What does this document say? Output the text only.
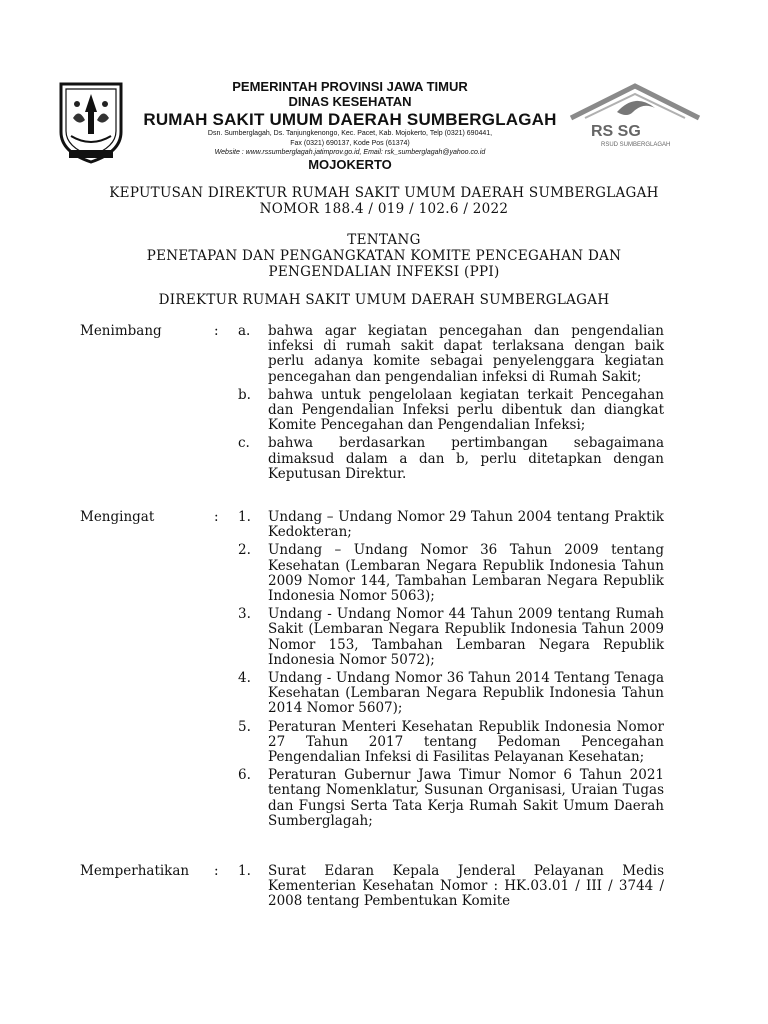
PEMERINTAH PROVINSI JAWA TIMUR
DINAS KESEHATAN
RUMAH SAKIT UMUM DAERAH SUMBERGLAGAH
Dsn. Sumberglagah, Ds. Tanjungkenongo, Kec. Pacet, Kab. Mojokerto, Telp (0321) 690441,
Fax (0321) 690137, Kode Pos (61374)
Website : www.rssumberglagah.jatimprov.go.id, Email: rsk_sumberglagah@yahoo.co.id
MOJOKERTO
RS SG
RSUD SUMBERGLAGAH
KEPUTUSAN DIREKTUR RUMAH SAKIT UMUM DAERAH SUMBERGLAGAH
NOMOR 188.4 / 019 / 102.6 / 2022
TENTANG
PENETAPAN DAN PENGANGKATAN KOMITE PENCEGAHAN DAN
PENGENDALIAN INFEKSI (PPI)
DIREKTUR RUMAH SAKIT UMUM DAERAH SUMBERGLAGAH
Menimbang	: a. bahwa agar kegiatan pencegahan dan pengendalian infeksi di rumah sakit dapat terlaksana dengan baik perlu adanya komite sebagai penyelenggara kegiatan pencegahan dan pengendalian infeksi di Rumah Sakit;
b. bahwa untuk pengelolaan kegiatan terkait Pencegahan dan Pengendalian Infeksi perlu dibentuk dan diangkat Komite Pencegahan dan Pengendalian Infeksi;
c. bahwa berdasarkan pertimbangan sebagaimana dimaksud dalam a dan b, perlu ditetapkan dengan Keputusan Direktur.
Mengingat	: 1. Undang – Undang Nomor 29 Tahun 2004 tentang Praktik Kedokteran;
2. Undang – Undang Nomor 36 Tahun 2009 tentang Kesehatan (Lembaran Negara Republik Indonesia Tahun 2009 Nomor 144, Tambahan Lembaran Negara Republik Indonesia Nomor 5063);
3. Undang - Undang Nomor 44 Tahun 2009 tentang Rumah Sakit (Lembaran Negara Republik Indonesia Tahun 2009 Nomor 153, Tambahan Lembaran Negara Republik Indonesia Nomor 5072);
4. Undang - Undang Nomor 36 Tahun 2014 Tentang Tenaga Kesehatan (Lembaran Negara Republik Indonesia Tahun 2014 Nomor 5607);
5. Peraturan Menteri Kesehatan Republik Indonesia Nomor 27 Tahun 2017 tentang Pedoman Pencegahan Pengendalian Infeksi di Fasilitas Pelayanan Kesehatan;
6. Peraturan Gubernur Jawa Timur Nomor 6 Tahun 2021 tentang Nomenklatur, Susunan Organisasi, Uraian Tugas dan Fungsi Serta Tata Kerja Rumah Sakit Umum Daerah Sumberglagah;
Memperhatikan : 1. Surat Edaran Kepala Jenderal Pelayanan Medis Kementerian Kesehatan Nomor : HK.03.01 / III / 3744 / 2008 tentang Pembentukan Komite
